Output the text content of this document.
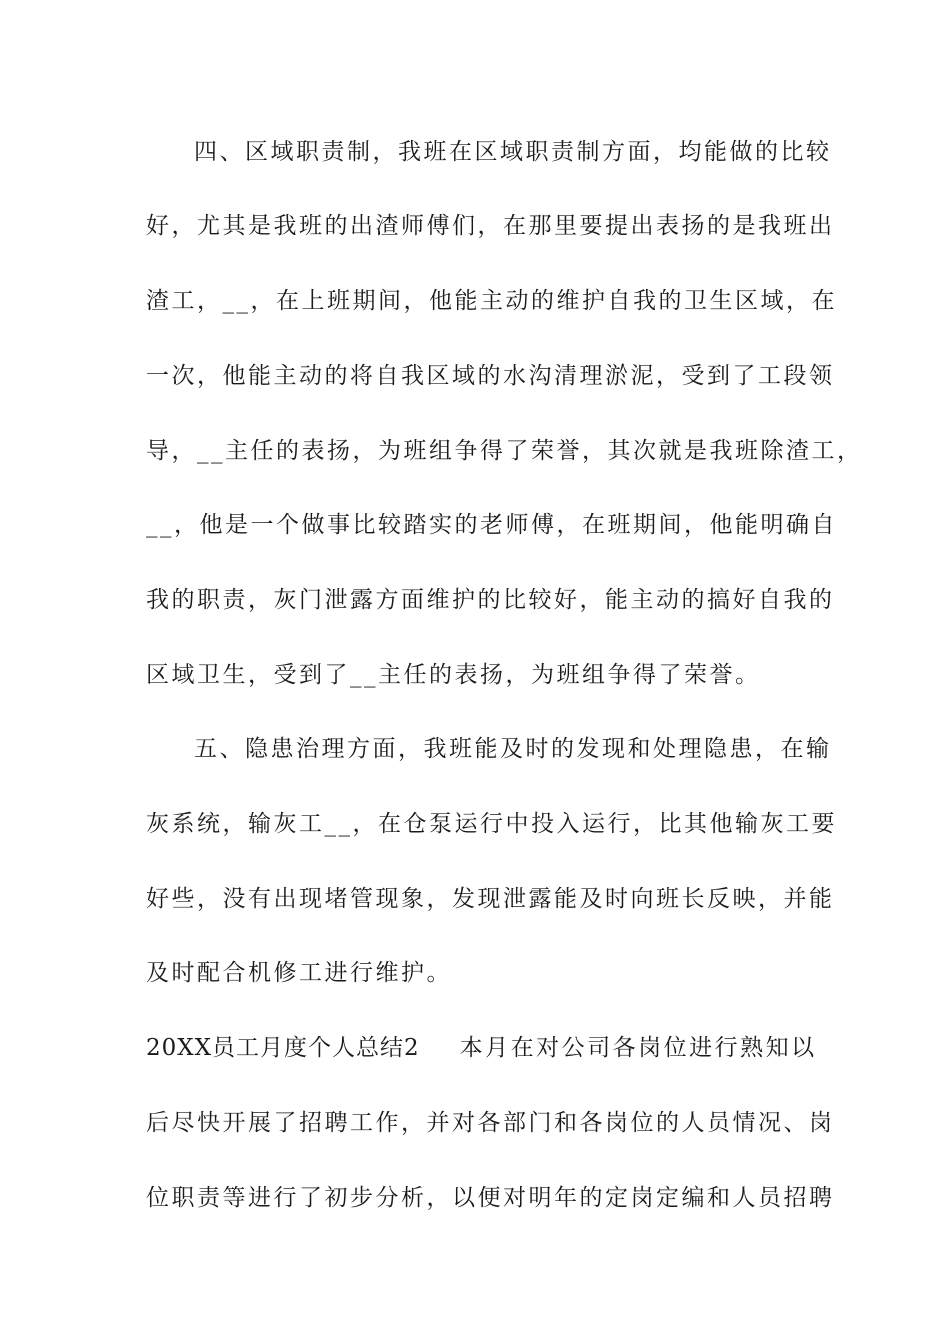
四、区域职责制，我班在区域职责制方面，均能做的比较
好，尤其是我班的出渣师傅们，在那里要提出表扬的是我班出
渣工，__，在上班期间，他能主动的维护自我的卫生区域，在
一次，他能主动的将自我区域的水沟清理淤泥，受到了工段领
导，__主任的表扬，为班组争得了荣誉，其次就是我班除渣工，
__，他是一个做事比较踏实的老师傅，在班期间，他能明确自
我的职责，灰门泄露方面维护的比较好，能主动的搞好自我的
区域卫生，受到了__主任的表扬，为班组争得了荣誉。
五、隐患治理方面，我班能及时的发现和处理隐患，在输
灰系统，输灰工__，在仓泵运行中投入运行，比其他输灰工要
好些，没有出现堵管现象，发现泄露能及时向班长反映，并能
及时配合机修工进行维护。
20XX员工月度个人总结2 本月在对公司各岗位进行熟知以
后尽快开展了招聘工作，并对各部门和各岗位的人员情况、岗
位职责等进行了初步分析，以便对明年的定岗定编和人员招聘
